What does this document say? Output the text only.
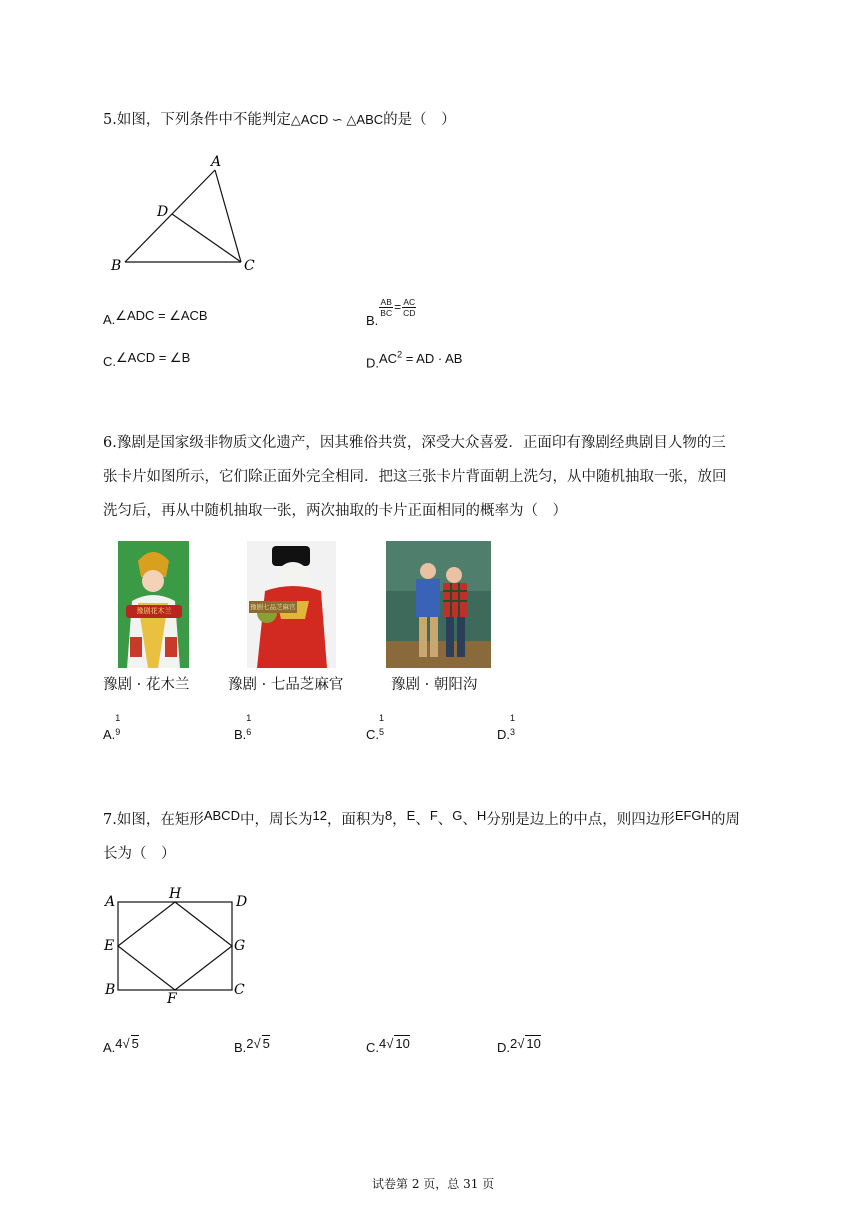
5.如图，下列条件中不能判定△ACD ∽ △ABC的是（　）
A
D
B	C
A.∠ADC = ∠ACB	B.
$\frac{AB}{BC} = \frac{AC}{CD}$
C.∠ACD = ∠B	$D.AC^2$ = AD · AB
6.豫剧是国家级非物质文化遗产，因其雅俗共赏，深受大众喜爱．正面印有豫剧经典剧目人物的三
张卡片如图所示，它们除正面外完全相同．把这三张卡片背面朝上洗匀，从中随机抽取一张，放回
洗匀后，再从中随机抽取一张，两次抽取的卡片正面相同的概率为（　）
豫剧花木兰	豫剧七品芝麻官
豫剧 · 花木兰	豫剧 · 七品芝麻官	豫剧 · 朝阳沟
A.
1
9	B.
1
6	C.
1
5	D.
1
3
7.如图，在矩形ABCD中，周长为12，面积为8，E、F、G、H分别是边上的中点，则四边形EFGH的周
长为（　）
A	H	D
E	G
B
F
C
A.4√ 5	B.2√ 5	C.4√ 10	D.2√ 10
试卷第 2 页，总 31 页
